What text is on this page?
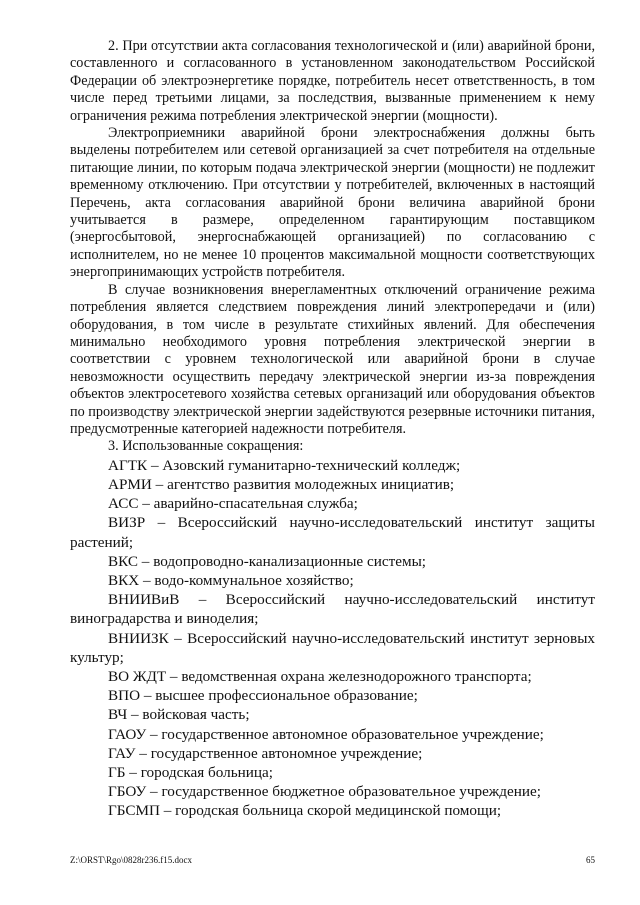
2. При отсутствии акта согласования технологической и (или) аварийной брони, составленного и согласованного в установленном законодательством Российской Федерации об электроэнергетике порядке, потребитель несет ответственность, в том числе перед третьими лицами, за последствия, вызванные применением к нему ограничения режима потребления электрической энергии (мощности).

Электроприемники аварийной брони электроснабжения должны быть выделены потребителем или сетевой организацией за счет потребителя на отдельные питающие линии, по которым подача электрической энергии (мощности) не подлежит временному отключению. При отсутствии у потребителей, включенных в настоящий Перечень, акта согласования аварийной брони величина аварийной брони учитывается в размере, определенном гарантирующим поставщиком (энергосбытовой, энергоснабжающей организацией) по согласованию с исполнителем, но не менее 10 процентов максимальной мощности соответствующих энергопринимающих устройств потребителя.

В случае возникновения внерегламентных отключений ограничение режима потребления является следствием повреждения линий электропередачи и (или) оборудования, в том числе в результате стихийных явлений. Для обеспечения минимально необходимого уровня потребления электрической энергии в соответствии с уровнем технологической или аварийной брони в случае невозможности осуществить передачу электрической энергии из-за повреждения объектов электросетевого хозяйства сетевых организаций или оборудования объектов по производству электрической энергии задействуются резервные источники питания, предусмотренные категорией надежности потребителя.

3. Использованные сокращения:

АГТК – Азовский гуманитарно-технический колледж;
АРМИ – агентство развития молодежных инициатив;
АСС – аварийно-спасательная служба;
ВИЗР – Всероссийский научно-исследовательский институт защиты растений;
ВКС – водопроводно-канализационные системы;
ВКХ – водо-коммунальное хозяйство;
ВНИИВиВ – Всероссийский научно-исследовательский институт виноградарства и виноделия;
ВНИИЗК – Всероссийский научно-исследовательский институт зерновых культур;
ВО ЖДТ – ведомственная охрана железнодорожного транспорта;
ВПО – высшее профессиональное образование;
ВЧ – войсковая часть;
ГАОУ – государственное автономное образовательное учреждение;
ГАУ – государственное автономное учреждение;
ГБ – городская больница;
ГБОУ – государственное бюджетное образовательное учреждение;
ГБСМП – городская больница скорой медицинской помощи;
Z:\ORST\Rgo\0828r236.f15.docx	65
